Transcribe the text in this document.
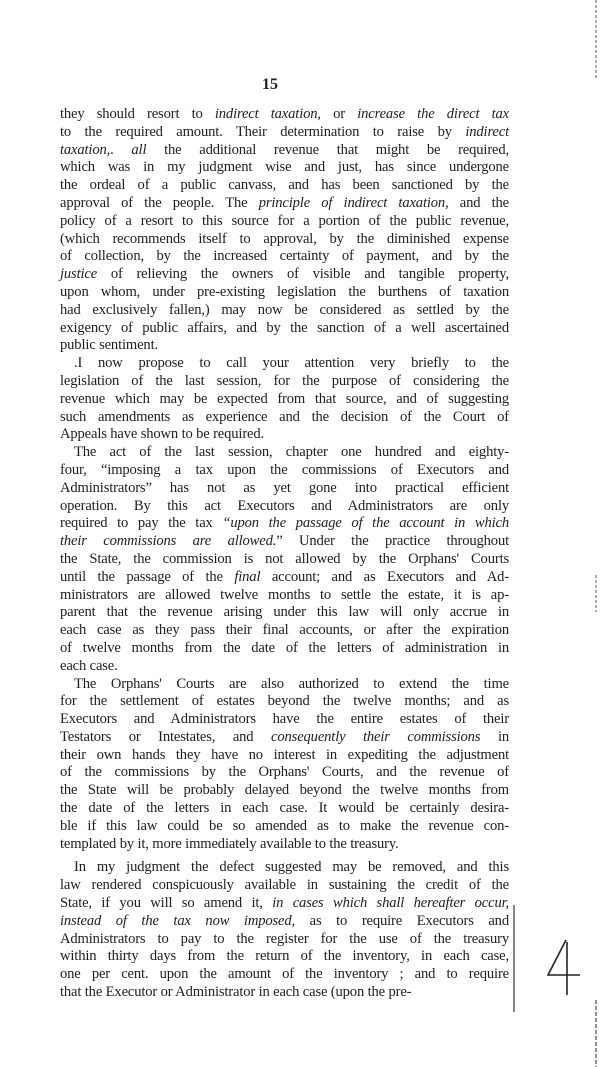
15
they should resort to indirect taxation, or increase the direct tax
to the required amount. Their determination to raise by indirect
taxation,. all the additional revenue that might be required,
which was in my judgment wise and just, has since undergone
the ordeal of a public canvass, and has been sanctioned by the
approval of the people. The principle of indirect taxation, and the
policy of a resort to this source for a portion of the public revenue,
(which recommends itself to approval, by the diminished expense
of collection, by the increased certainty of payment, and by the
justice of relieving the owners of visible and tangible property,
upon whom, under pre-existing legislation the burthens of taxation
had exclusively fallen,) may now be considered as settled by the
exigency of public affairs, and by the sanction of a well ascertained
public sentiment.
.I now propose to call your attention very briefly to the
legislation of the last session, for the purpose of considering the
revenue which may be expected from that source, and of suggesting
such amendments as experience and the decision of the Court of
Appeals have shown to be required.
The act of the last session, chapter one hundred and eighty-
four, “imposing a tax upon the commissions of Executors and
Administrators” has not as yet gone into practical efficient
operation. By this act Executors and Administrators are only
required to pay the tax “upon the passage of the account in which
their commissions are allowed.” Under the practice throughout
the State, the commission is not allowed by the Orphans' Courts
until the passage of the final account; and as Executors and Ad-
ministrators are allowed twelve months to settle the estate, it is ap-
parent that the revenue arising under this law will only accrue in
each case as they pass their final accounts, or after the expiration
of twelve months from the date of the letters of administration in
each case.
The Orphans' Courts are also authorized to extend the time
for the settlement of estates beyond the twelve months; and as
Executors and Administrators have the entire estates of their
Testators or Intestates, and consequently their commissions in
their own hands they have no interest in expediting the adjustment
of the commissions by the Orphans' Courts, and the revenue of
the State will be probably delayed beyond the twelve months from
the date of the letters in each case. It would be certainly desira-
ble if this law could be so amended as to make the revenue con-
templated by it, more immediately available to the treasury.
In my judgment the defect suggested may be removed, and this
law rendered conspicuously available in sustaining the credit of the
State, if you will so amend it, in cases which shall hereafter occur,
instead of the tax now imposed, as to require Executors and
Administrators to pay to the register for the use of the treasury
within thirty days from the return of the inventory, in each case,
one per cent. upon the amount of the inventory ; and to require
that the Executor or Administrator in each case (upon the pre-
